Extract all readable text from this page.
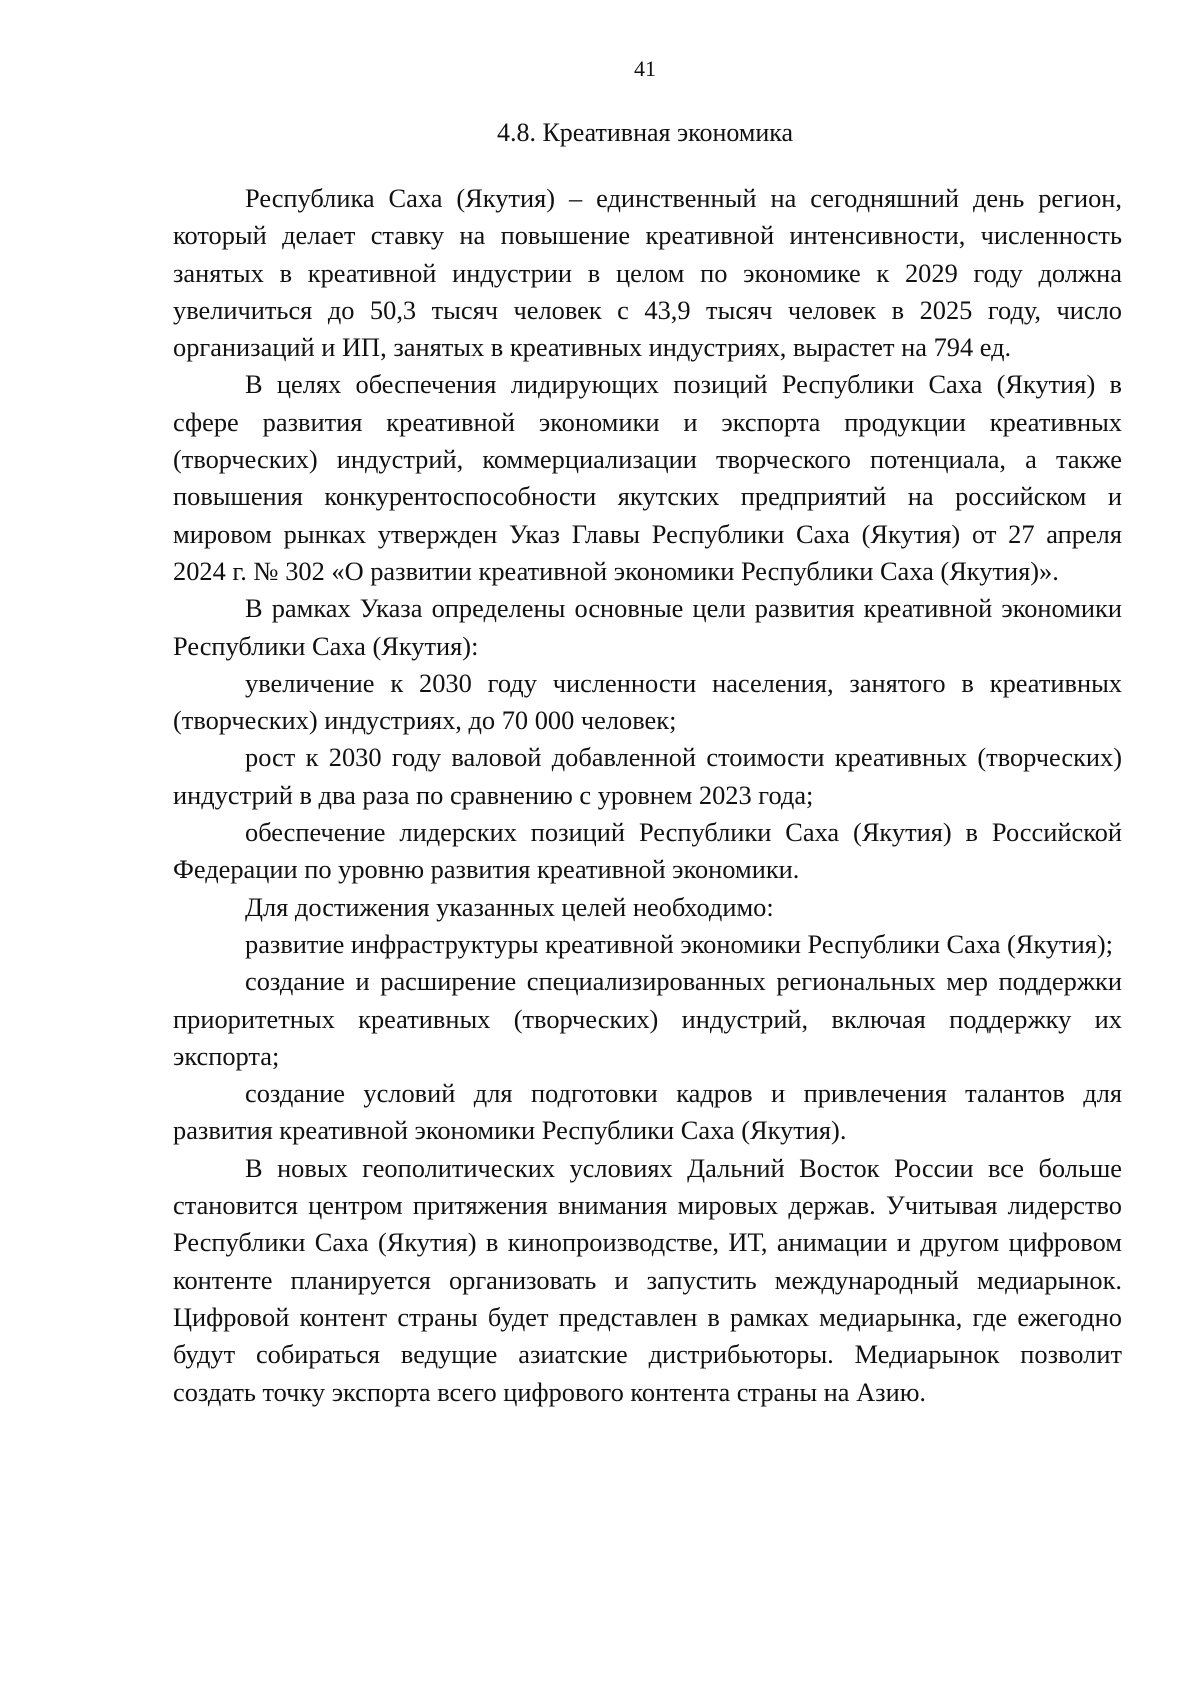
41
4.8. Креативная экономика

Республика Саха (Якутия) – единственный на сегодняшний день регион, который делает ставку на повышение креативной интенсивности, численность занятых в креативной индустрии в целом по экономике к 2029 году должна увеличиться до 50,3 тысяч человек с 43,9 тысяч человек в 2025 году, число организаций и ИП, занятых в креативных индустриях, вырастет на 794 ед.

В целях обеспечения лидирующих позиций Республики Саха (Якутия) в сфере развития креативной экономики и экспорта продукции креативных (творческих) индустрий, коммерциализации творческого потенциала, а также повышения конкурентоспособности якутских предприятий на российском и мировом рынках утвержден Указ Главы Республики Саха (Якутия) от 27 апреля 2024 г. № 302 «О развитии креативной экономики Республики Саха (Якутия)».

В рамках Указа определены основные цели развития креативной экономики Республики Саха (Якутия):

увеличение к 2030 году численности населения, занятого в креативных (творческих) индустриях, до 70 000 человек;

рост к 2030 году валовой добавленной стоимости креативных (творческих) индустрий в два раза по сравнению с уровнем 2023 года;

обеспечение лидерских позиций Республики Саха (Якутия) в Российской Федерации по уровню развития креативной экономики.

Для достижения указанных целей необходимо:

развитие инфраструктуры креативной экономики Республики Саха (Якутия);

создание и расширение специализированных региональных мер поддержки приоритетных креативных (творческих) индустрий, включая поддержку их экспорта;

создание условий для подготовки кадров и привлечения талантов для развития креативной экономики Республики Саха (Якутия).

В новых геополитических условиях Дальний Восток России все больше становится центром притяжения внимания мировых держав. Учитывая лидерство Республики Саха (Якутия) в кинопроизводстве, ИТ, анимации и другом цифровом контенте планируется организовать и запустить международный медиарынок. Цифровой контент страны будет представлен в рамках медиарынка, где ежегодно будут собираться ведущие азиатские дистрибьюторы. Медиарынок позволит создать точку экспорта всего цифрового контента страны на Азию.
